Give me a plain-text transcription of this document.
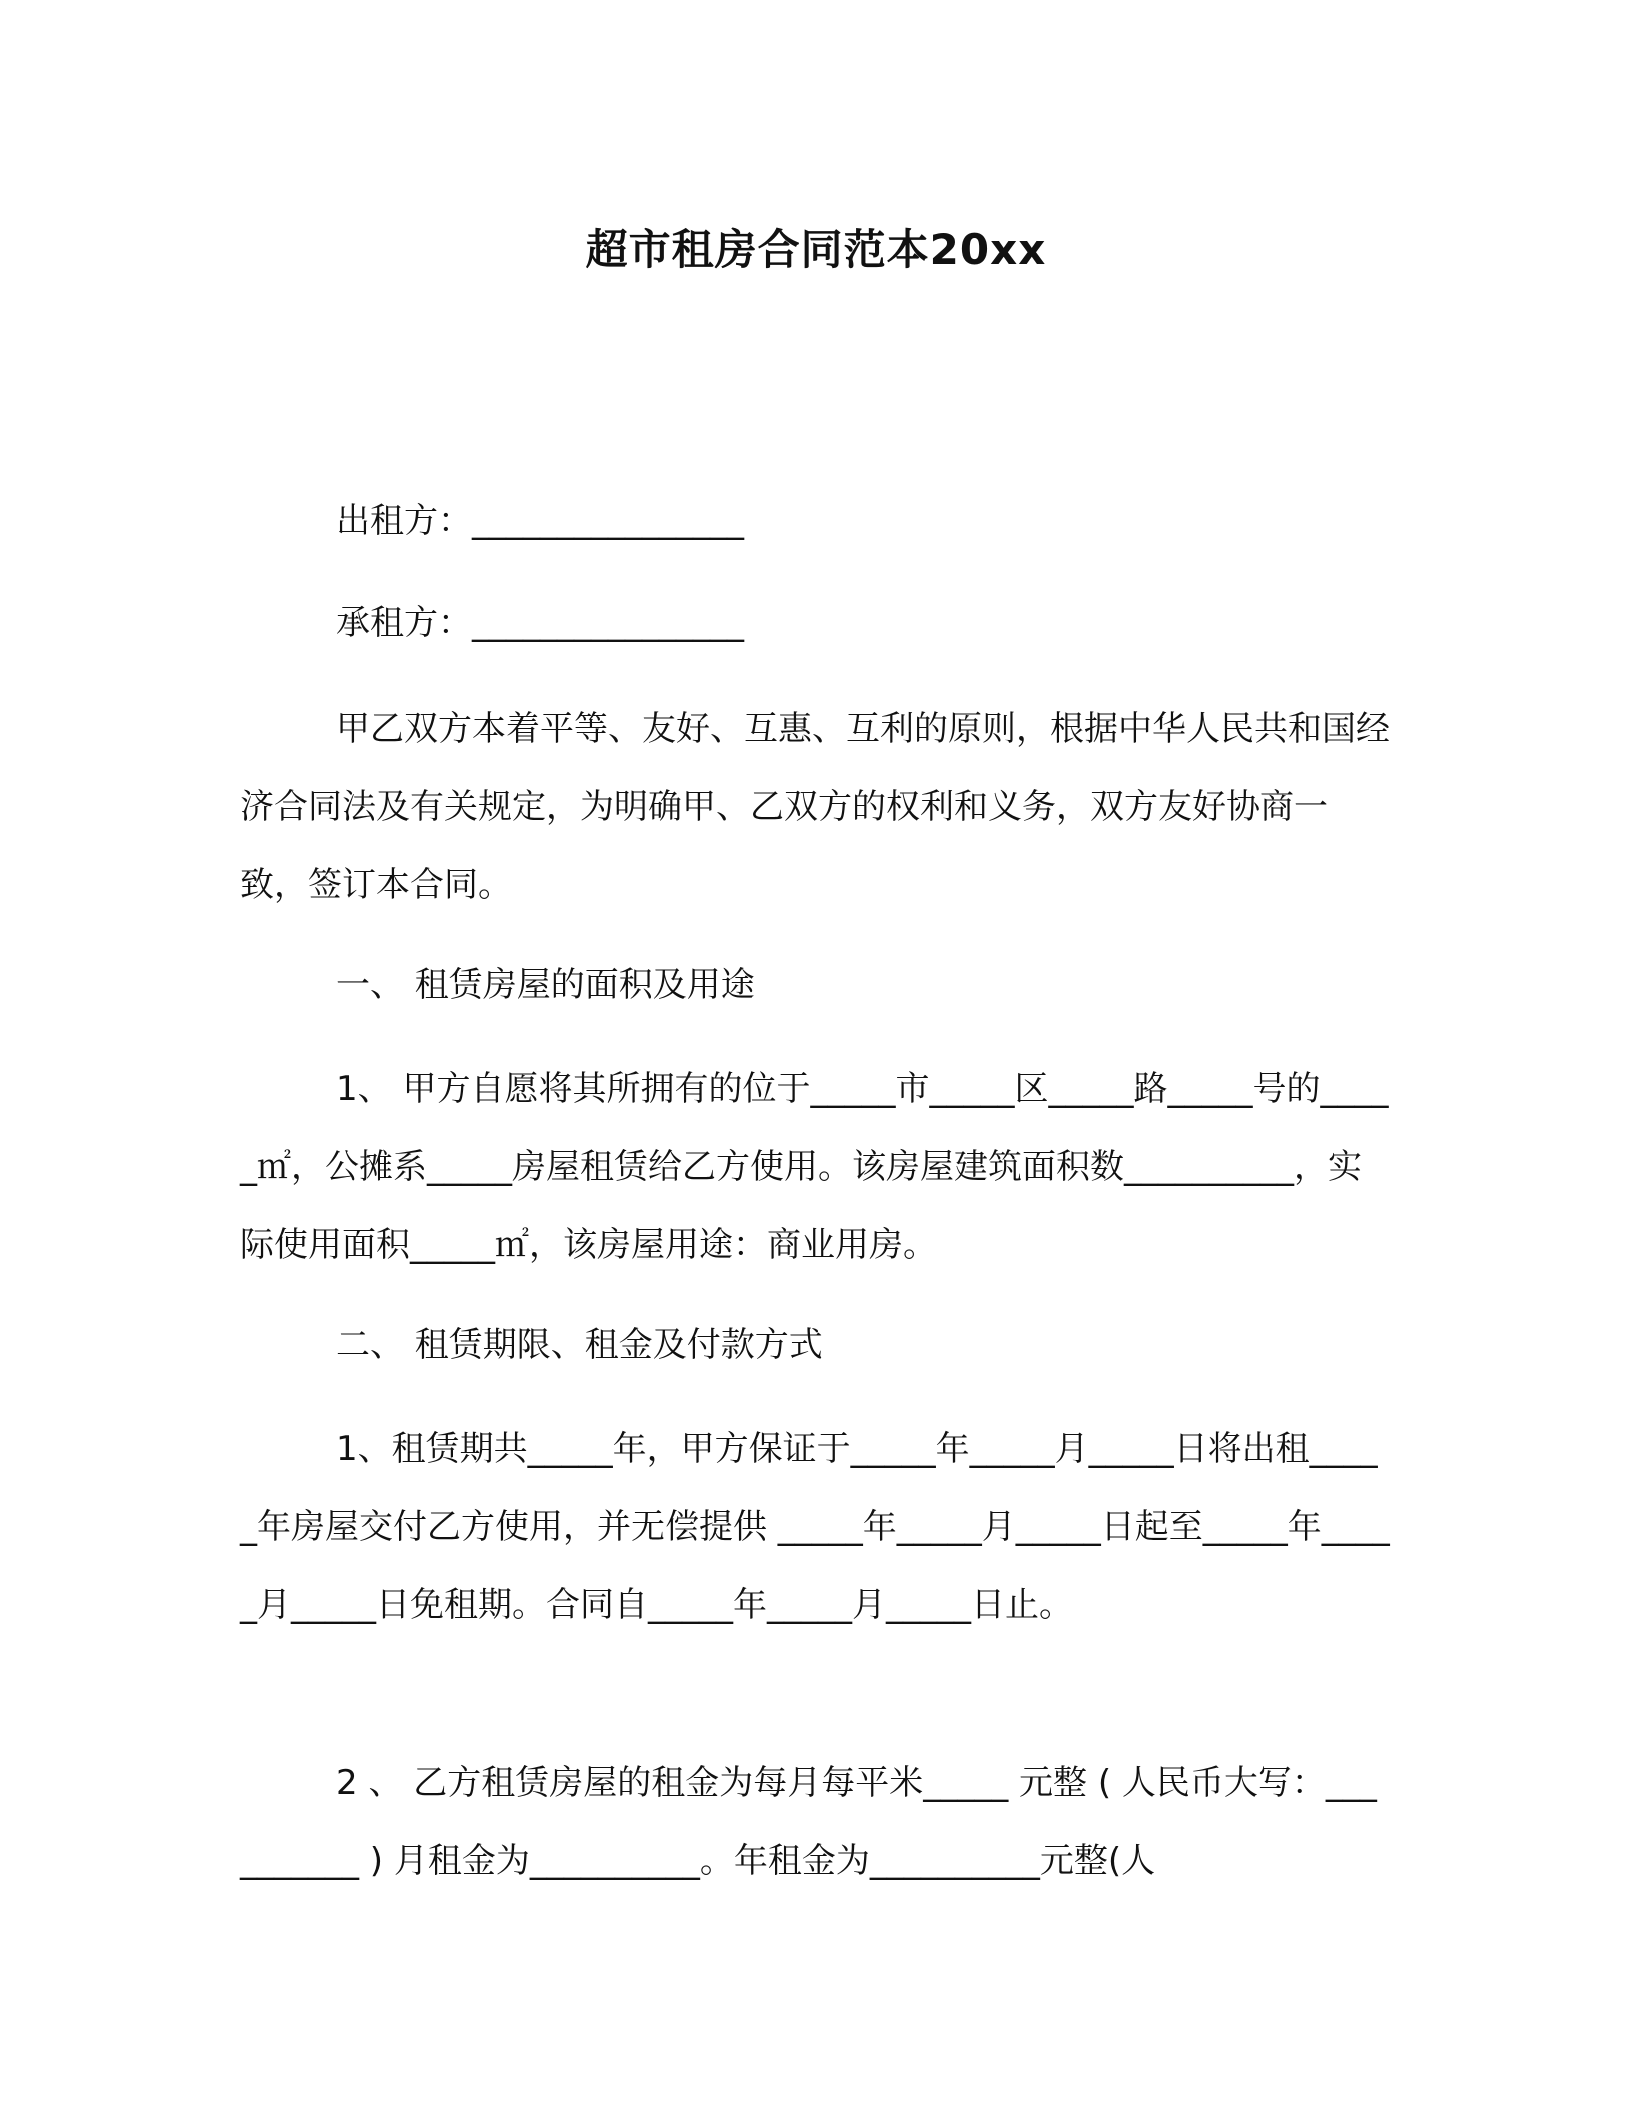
超市租房合同范本20xx
出租方：________________
承租方：________________

甲乙双方本着平等、友好、互惠、互利的原则，根据中华人民共和国经济合同法及有关规定，为明确甲、乙双方的权利和义务，双方友好协商一致，签订本合同。

一、 租赁房屋的面积及用途

1、 甲方自愿将其所拥有的位于_____市_____区_____路_____号的_____㎡，公摊系_____房屋租赁给乙方使用。该房屋建筑面积数__________，实际使用面积_____㎡，该房屋用途：商业用房。

二、 租赁期限、租金及付款方式

1、租赁期共_____年，甲方保证于_____年_____月_____日将出租_____年房屋交付乙方使用，并无偿提供 _____年_____月_____日起至_____年_____月_____日免租期。合同自_____年_____月_____日止。

2 、 乙方租赁房屋的租金为每月每平米_____ 元整 ( 人民币大写：__________ ) 月租金为__________。年租金为__________元整(人
